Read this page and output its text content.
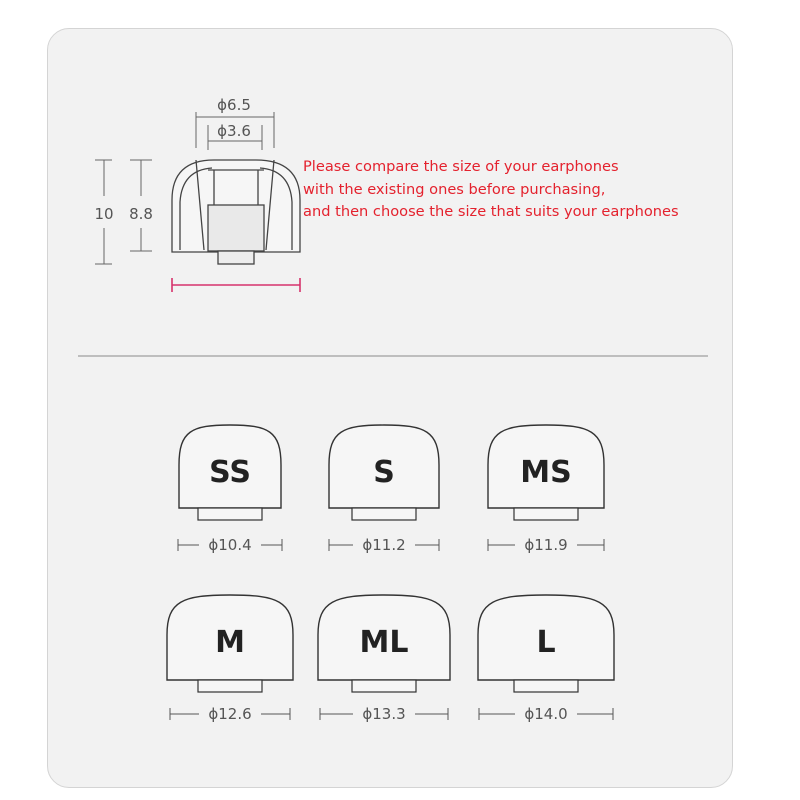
ϕ6.5
ϕ3.6
10 8.8
SS
ϕ10.4
S
ϕ11.2
MS
ϕ11.9
M
ϕ12.6
ML
ϕ13.3
L
ϕ14.0
Please compare the size of your earphones
with the existing ones before purchasing,
and then choose the size that suits your earphones
